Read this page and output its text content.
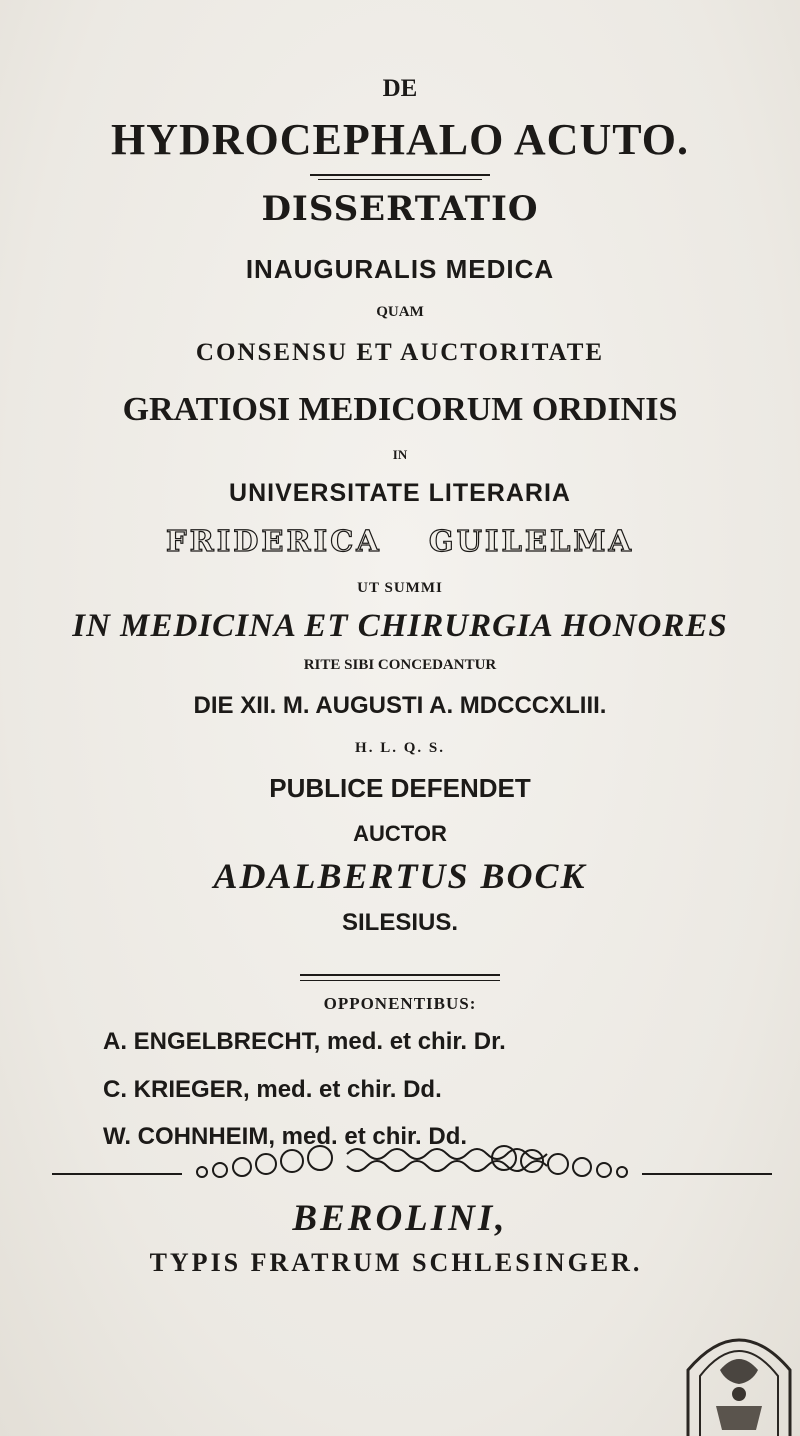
DE
HYDROCEPHALO ACUTO.
DISSERTATIO
INAUGURALIS MEDICA
QUAM
CONSENSU ET AUCTORITATE
GRATIOSI MEDICORUM ORDINIS
IN
UNIVERSITATE LITERARIA
FRIDERICA GUILELMA
UT SUMMI
IN MEDICINA ET CHIRURGIA HONORES
RITE SIBI CONCEDANTUR
DIE XII. M. AUGUSTI A. MDCCCXLIII.
H. L. Q. S.
PUBLICE DEFENDET
AUCTOR
ADALBERTUS BOCK
SILESIUS.
OPPONENTIBUS:
A. ENGELBRECHT, med. et chir. Dr.
C. KRIEGER, med. et chir. Dd.
W. COHNHEIM, med. et chir. Dd.
BEROLINI,
TYPIS FRATRUM SCHLESINGER.
